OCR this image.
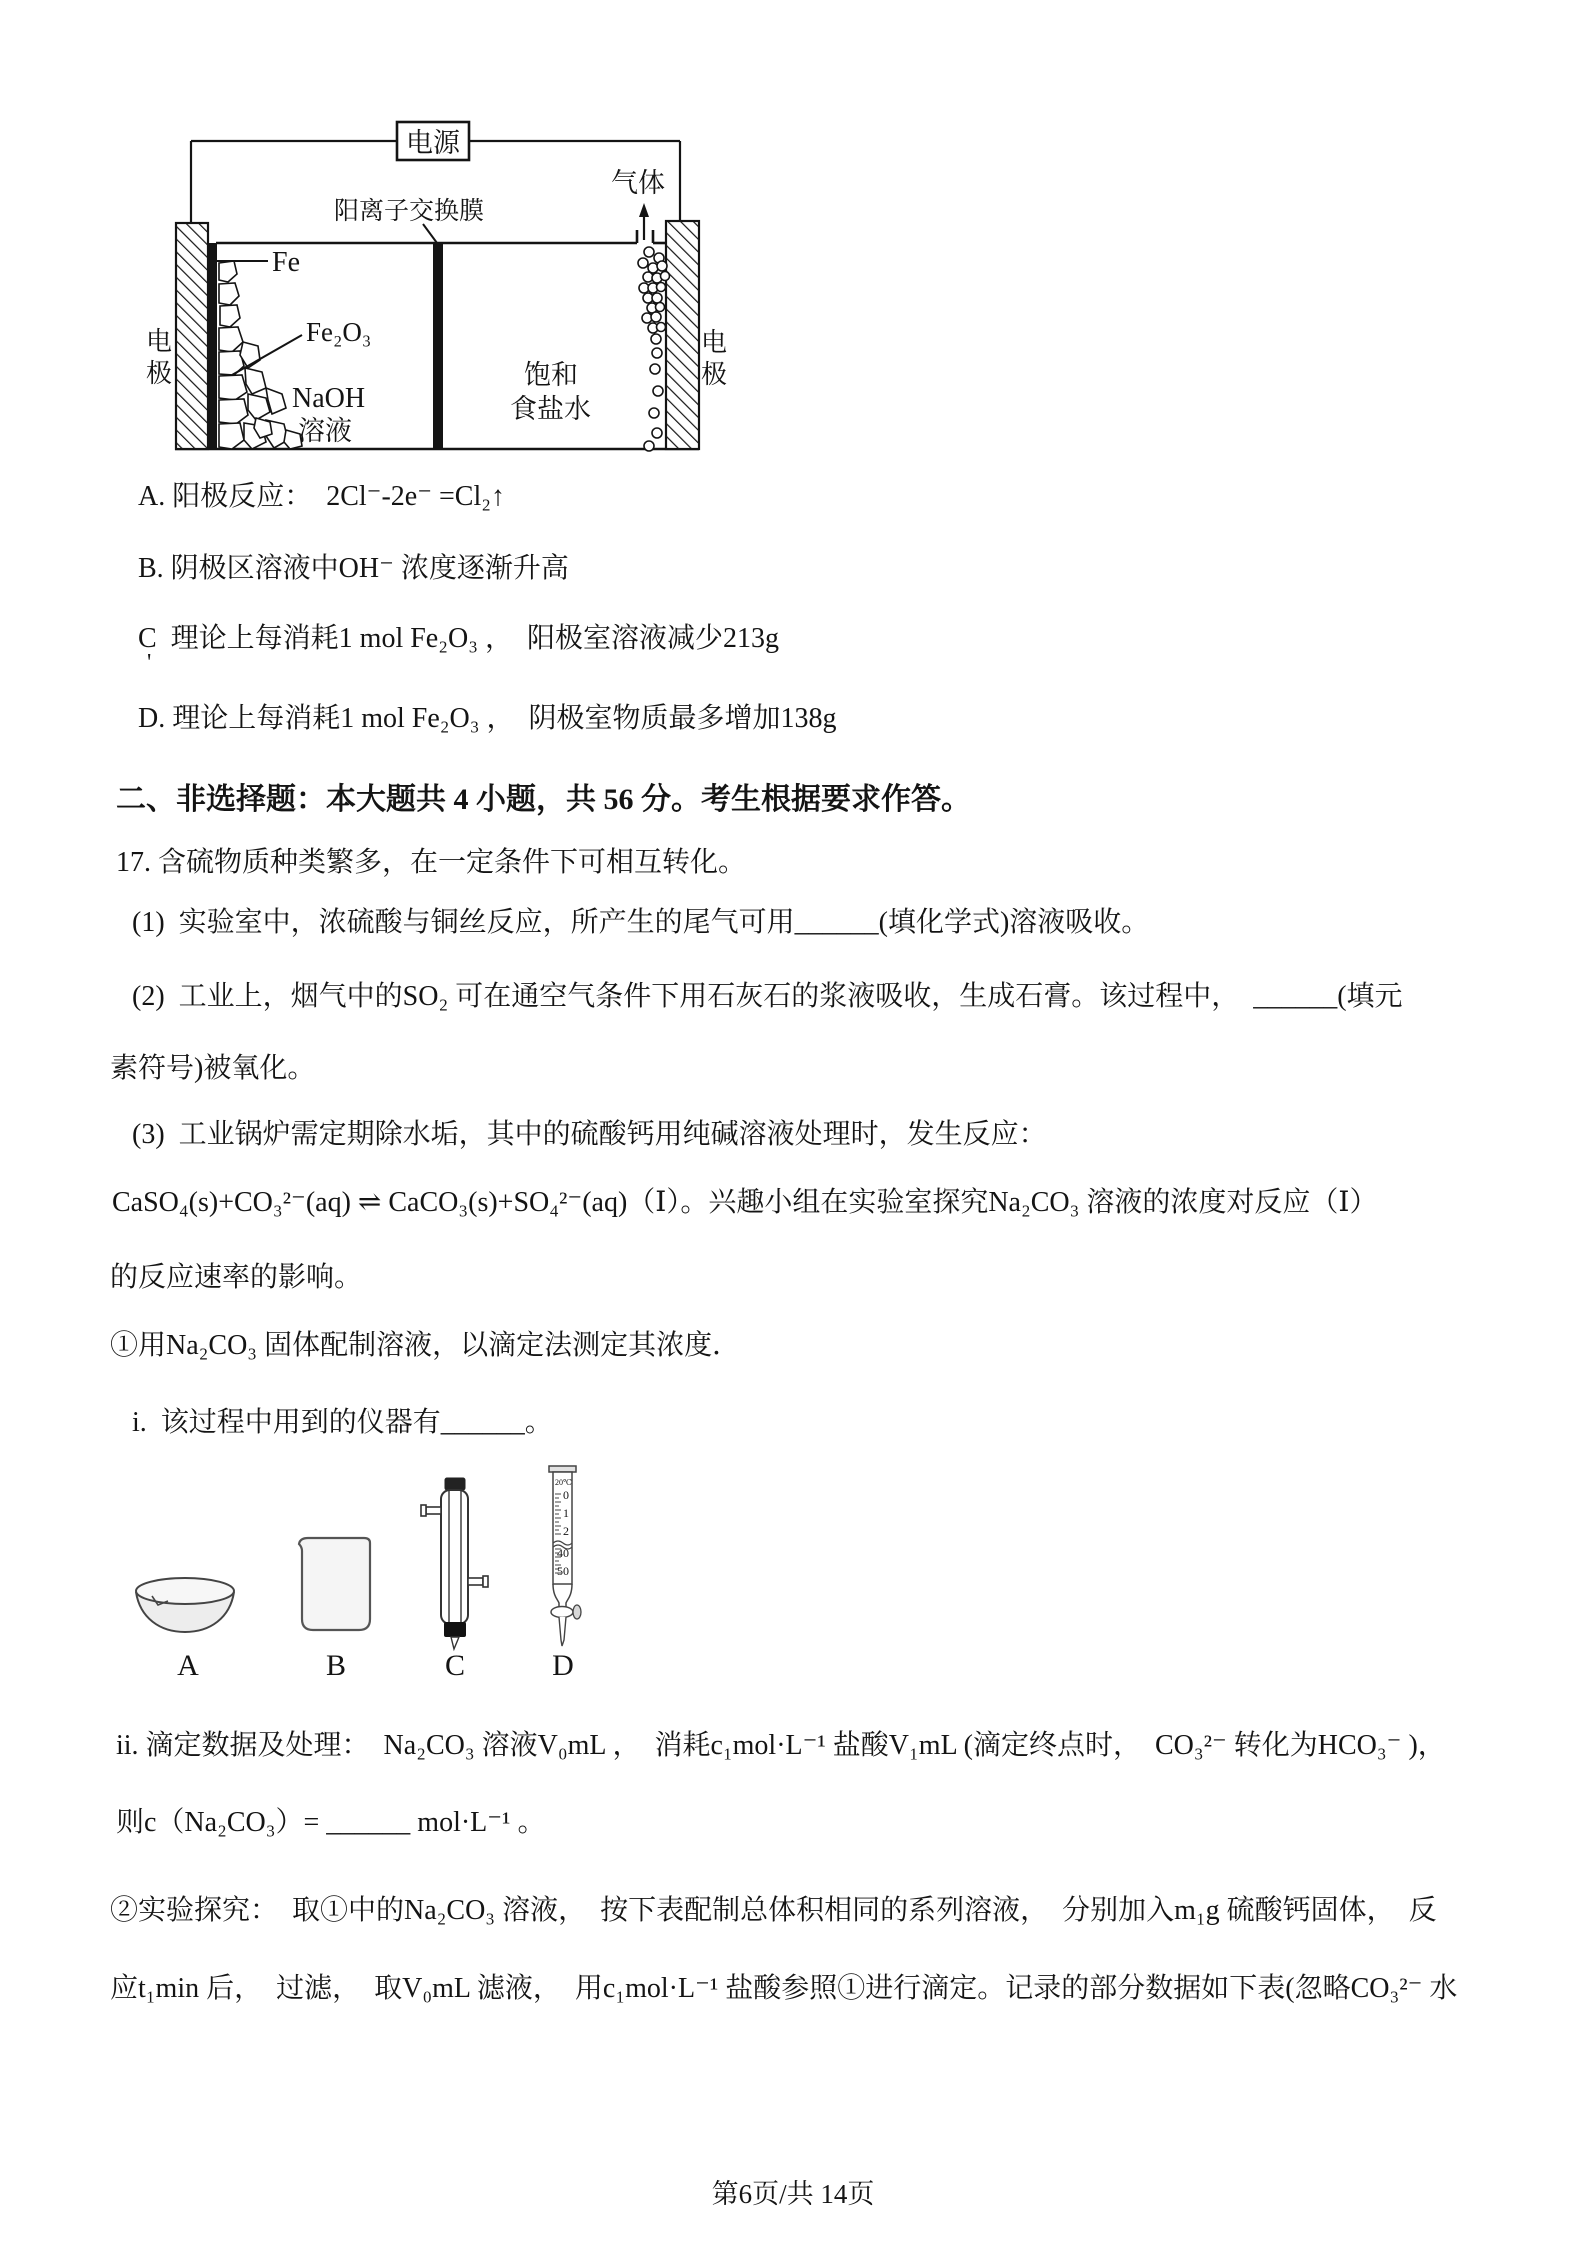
电源
阳离子交换膜
气体
Fe
Fe₂O₃
NaOH
溶液
饱和
食盐水
电
极
电
极
A. 阳极反应：  2Cl⁻-2e⁻ =Cl₂↑
B. 阴极区溶液中OH⁻ 浓度逐渐升高
C  理论上每消耗1 mol Fe₂O₃ ，  阳极室溶液减少213g
'
D. 理论上每消耗1 mol Fe₂O₃ ，  阴极室物质最多增加138g
二、非选择题：本大题共 4 小题，共 56 分。考生根据要求作答。
17. 含硫物质种类繁多，在一定条件下可相互转化。
(1)  实验室中，浓硫酸与铜丝反应，所产生的尾气可用______(填化学式)溶液吸收。
(2)  工业上，烟气中的SO₂ 可在通空气条件下用石灰石的浆液吸收，生成石膏。该过程中，  ______(填元
素符号)被氧化。
(3)  工业锅炉需定期除水垢，其中的硫酸钙用纯碱溶液处理时，发生反应：
CaSO₄(s)+CO₃²⁻(aq) ⇌ CaCO₃(s)+SO₄²⁻(aq)（Ⅰ）。兴趣小组在实验室探究Na₂CO₃ 溶液的浓度对反应（Ⅰ）
的反应速率的影响。
①用Na₂CO₃ 固体配制溶液，以滴定法测定其浓度．
i.  该过程中用到的仪器有______。
A	B	C
20℃
0
1
2
40
50
D
ii. 滴定数据及处理：  Na₂CO₃ 溶液V₀mL ，  消耗c₁mol·L⁻¹ 盐酸V₁mL (滴定终点时，  CO₃²⁻ 转化为HCO₃⁻ )，
则c（Na₂CO₃）= ______ mol·L⁻¹ 。
②实验探究：  取①中的Na₂CO₃ 溶液，  按下表配制总体积相同的系列溶液，  分别加入m₁g 硫酸钙固体，  反
应t₁min 后，  过滤，  取V₀mL 滤液，  用c₁mol·L⁻¹ 盐酸参照①进行滴定。记录的部分数据如下表(忽略CO₃²⁻ 水
第6页/共 14页
